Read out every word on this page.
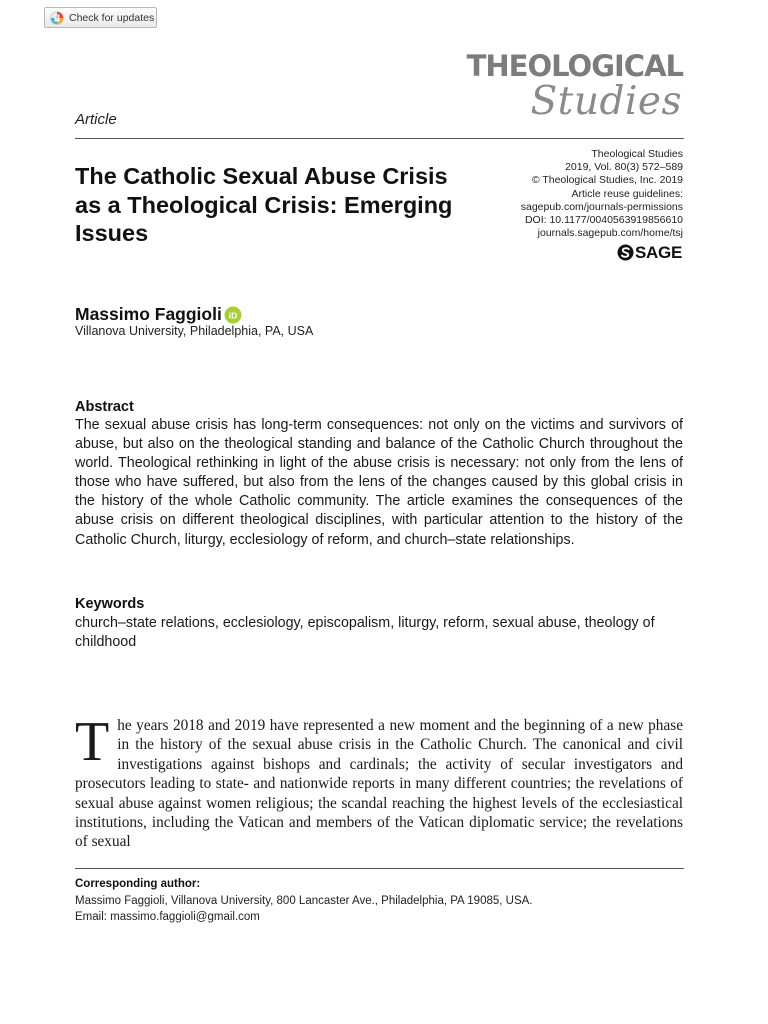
Check for updates
THEOLOGICAL
Studies
Article
The Catholic Sexual Abuse Crisis as a Theological Crisis: Emerging Issues
Theological Studies
2019, Vol. 80(3) 572–589
© Theological Studies, Inc. 2019
Article reuse guidelines:
sagepub.com/journals-permissions
DOI: 10.1177/0040563919856610
journals.sagepub.com/home/tsj
SAGE
Massimo Faggioli iD
Villanova University, Philadelphia, PA, USA
Abstract
The sexual abuse crisis has long-term consequences: not only on the victims and survivors of abuse, but also on the theological standing and balance of the Catholic Church throughout the world. Theological rethinking in light of the abuse crisis is necessary: not only from the lens of those who have suffered, but also from the lens of the changes caused by this global crisis in the history of the whole Catholic community. The article examines the consequences of the abuse crisis on different theological disciplines, with particular attention to the history of the Catholic Church, liturgy, ecclesiology of reform, and church–state relationships.
Keywords
church–state relations, ecclesiology, episcopalism, liturgy, reform, sexual abuse, theology of childhood
The years 2018 and 2019 have represented a new moment and the beginning of a new phase in the history of the sexual abuse crisis in the Catholic Church. The canonical and civil investigations against bishops and cardinals; the activity of secular investigators and prosecutors leading to state- and nationwide reports in many different countries; the revelations of sexual abuse against women religious; the scandal reaching the highest levels of the ecclesiastical institutions, including the Vatican and members of the Vatican diplomatic service; the revelations of sexual
Corresponding author:
Massimo Faggioli, Villanova University, 800 Lancaster Ave., Philadelphia, PA 19085, USA.
Email: massimo.faggioli@gmail.com
